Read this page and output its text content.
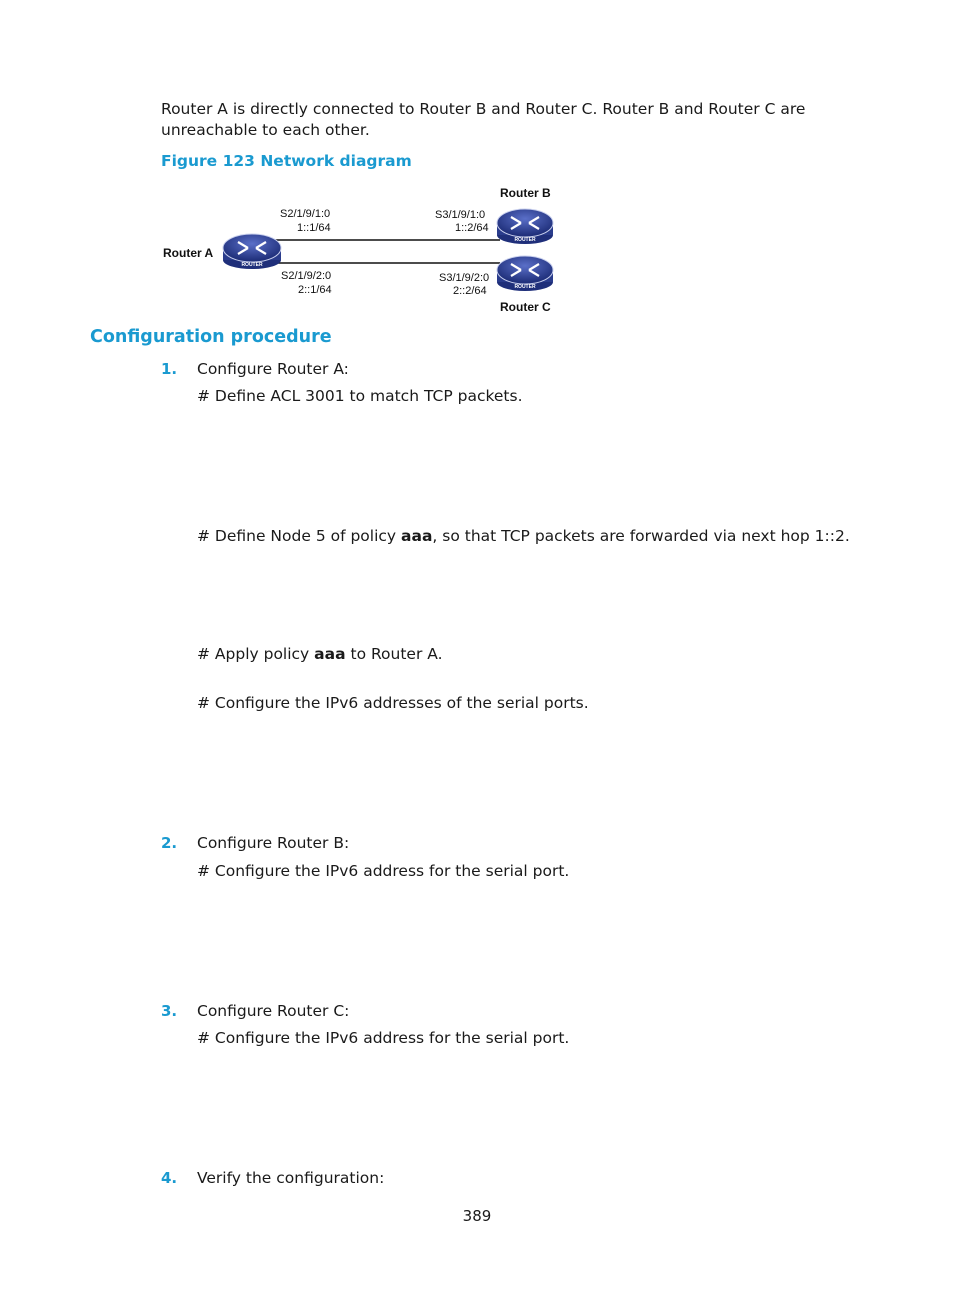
Router A is directly connected to Router B and Router C. Router B and Router C are unreachable to each other.
Figure 123 Network diagram
ROUTER
ROUTER
ROUTER
Router A
Router B
Router C
S2/1/9/1:0
1::1/64
S2/1/9/2:0
2::1/64
S3/1/9/1:0
1::2/64
S3/1/9/2:0
2::2/64
Configuration procedure
1. Configure Router A:
# Define ACL 3001 to match TCP packets.
# Define Node 5 of policy aaa, so that TCP packets are forwarded via next hop 1::2.
# Apply policy aaa to Router A.
# Configure the IPv6 addresses of the serial ports.
2. Configure Router B:
# Configure the IPv6 address for the serial port.
3. Configure Router C:
# Configure the IPv6 address for the serial port.
4. Verify the configuration:
389
